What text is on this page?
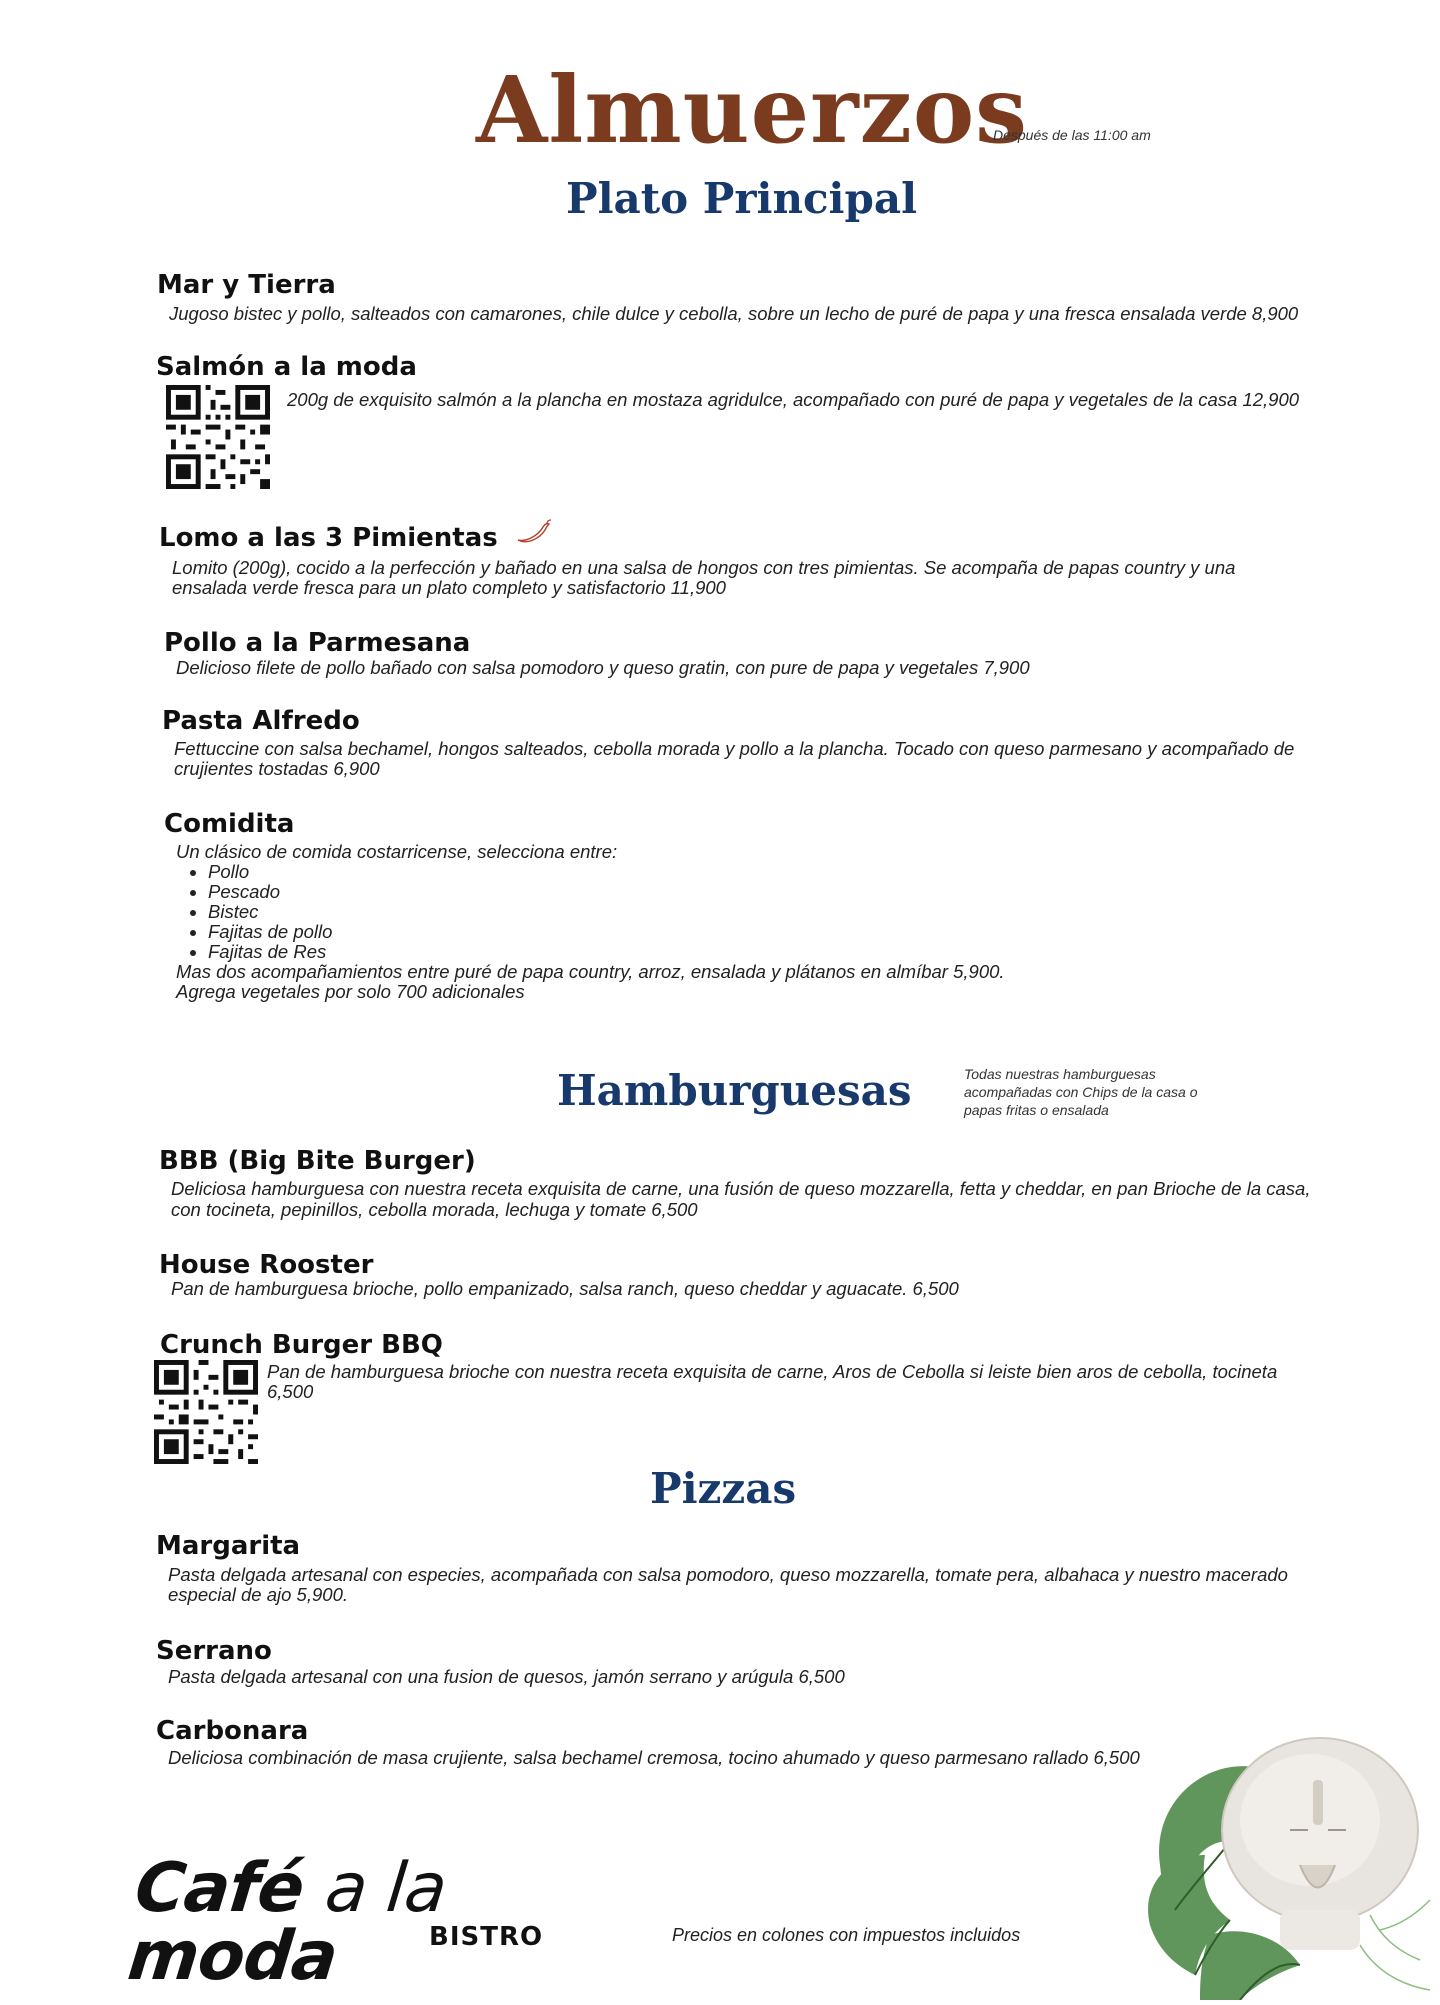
Almuerzos
Después de las 11:00 am
Plato Principal
Mar y Tierra
Jugoso bistec y pollo, salteados con camarones, chile dulce y cebolla, sobre un lecho de puré de papa y una fresca ensalada verde 8,900
Salmón a la moda
200g de exquisito salmón a la plancha en mostaza agridulce, acompañado con puré de papa y vegetales de la casa 12,900
Lomo a las 3 Pimientas
Lomito (200g), cocido a la perfección y bañado en una salsa de hongos con tres pimientas. Se acompaña de papas country y una
ensalada verde fresca para un plato completo y satisfactorio 11,900
Pollo a la Parmesana
Delicioso filete de pollo bañado con salsa pomodoro y queso gratin, con pure de papa y vegetales 7,900
Pasta Alfredo
Fettuccine con salsa bechamel, hongos salteados, cebolla morada y pollo a la plancha. Tocado con queso parmesano y acompañado de
crujientes tostadas 6,900
Comidita
Un clásico de comida costarricense, selecciona entre:
• Pollo
• Pescado
• Bistec
• Fajitas de pollo
• Fajitas de Res
Mas dos acompañamientos entre puré de papa country, arroz, ensalada y plátanos en almíbar 5,900.
Agrega vegetales por solo 700 adicionales
Hamburguesas	Todas nuestras hamburguesas
acompañadas con Chips de la casa o
papas fritas o ensalada
BBB (Big Bite Burger)
Deliciosa hamburguesa con nuestra receta exquisita de carne, una fusión de queso mozzarella, fetta y cheddar, en pan Brioche de la casa,
con tocineta, pepinillos, cebolla morada, lechuga y tomate 6,500
House Rooster
Pan de hamburguesa brioche, pollo empanizado, salsa ranch, queso cheddar y aguacate. 6,500
Crunch Burger BBQ
Pan de hamburguesa brioche con nuestra receta exquisita de carne, Aros de Cebolla si leiste bien aros de cebolla, tocineta
6,500
Pizzas
Margarita
Pasta delgada artesanal con especies, acompañada con salsa pomodoro, queso mozzarella, tomate pera, albahaca y nuestro macerado
especial de ajo 5,900.
Serrano
Pasta delgada artesanal con una fusion de quesos, jamón serrano y arúgula 6,500
Carbonara
Deliciosa combinación de masa crujiente, salsa bechamel cremosa, tocino ahumado y queso parmesano rallado 6,500
Café a la moda	BISTRO	Precios en colones con impuestos incluidos
